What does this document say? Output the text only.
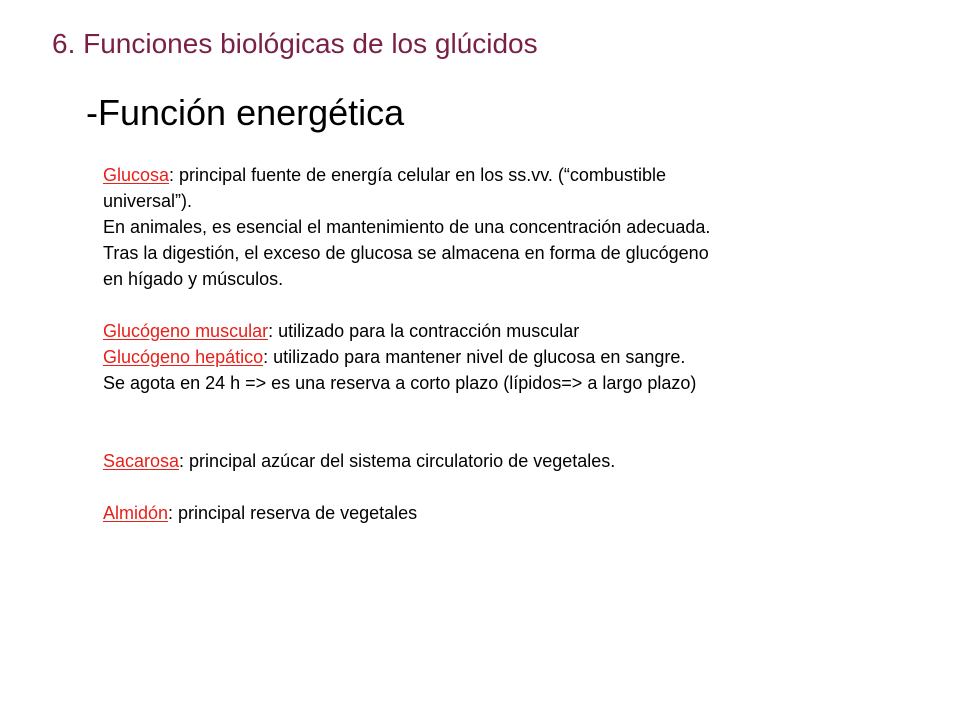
6. Funciones biológicas de los glúcidos
-Función energética
Glucosa: principal fuente de energía celular en los ss.vv. (“combustible
universal”).
En animales, es esencial el mantenimiento de una concentración adecuada.
Tras la digestión, el exceso de glucosa se almacena en forma de glucógeno
en hígado y músculos.
Glucógeno muscular: utilizado para la contracción muscular
Glucógeno hepático: utilizado para mantener nivel de glucosa en sangre.
Se agota en 24 h => es una reserva a corto plazo (lípidos=> a largo plazo)
Sacarosa: principal azúcar del sistema circulatorio de vegetales.
Almidón: principal reserva de vegetales
